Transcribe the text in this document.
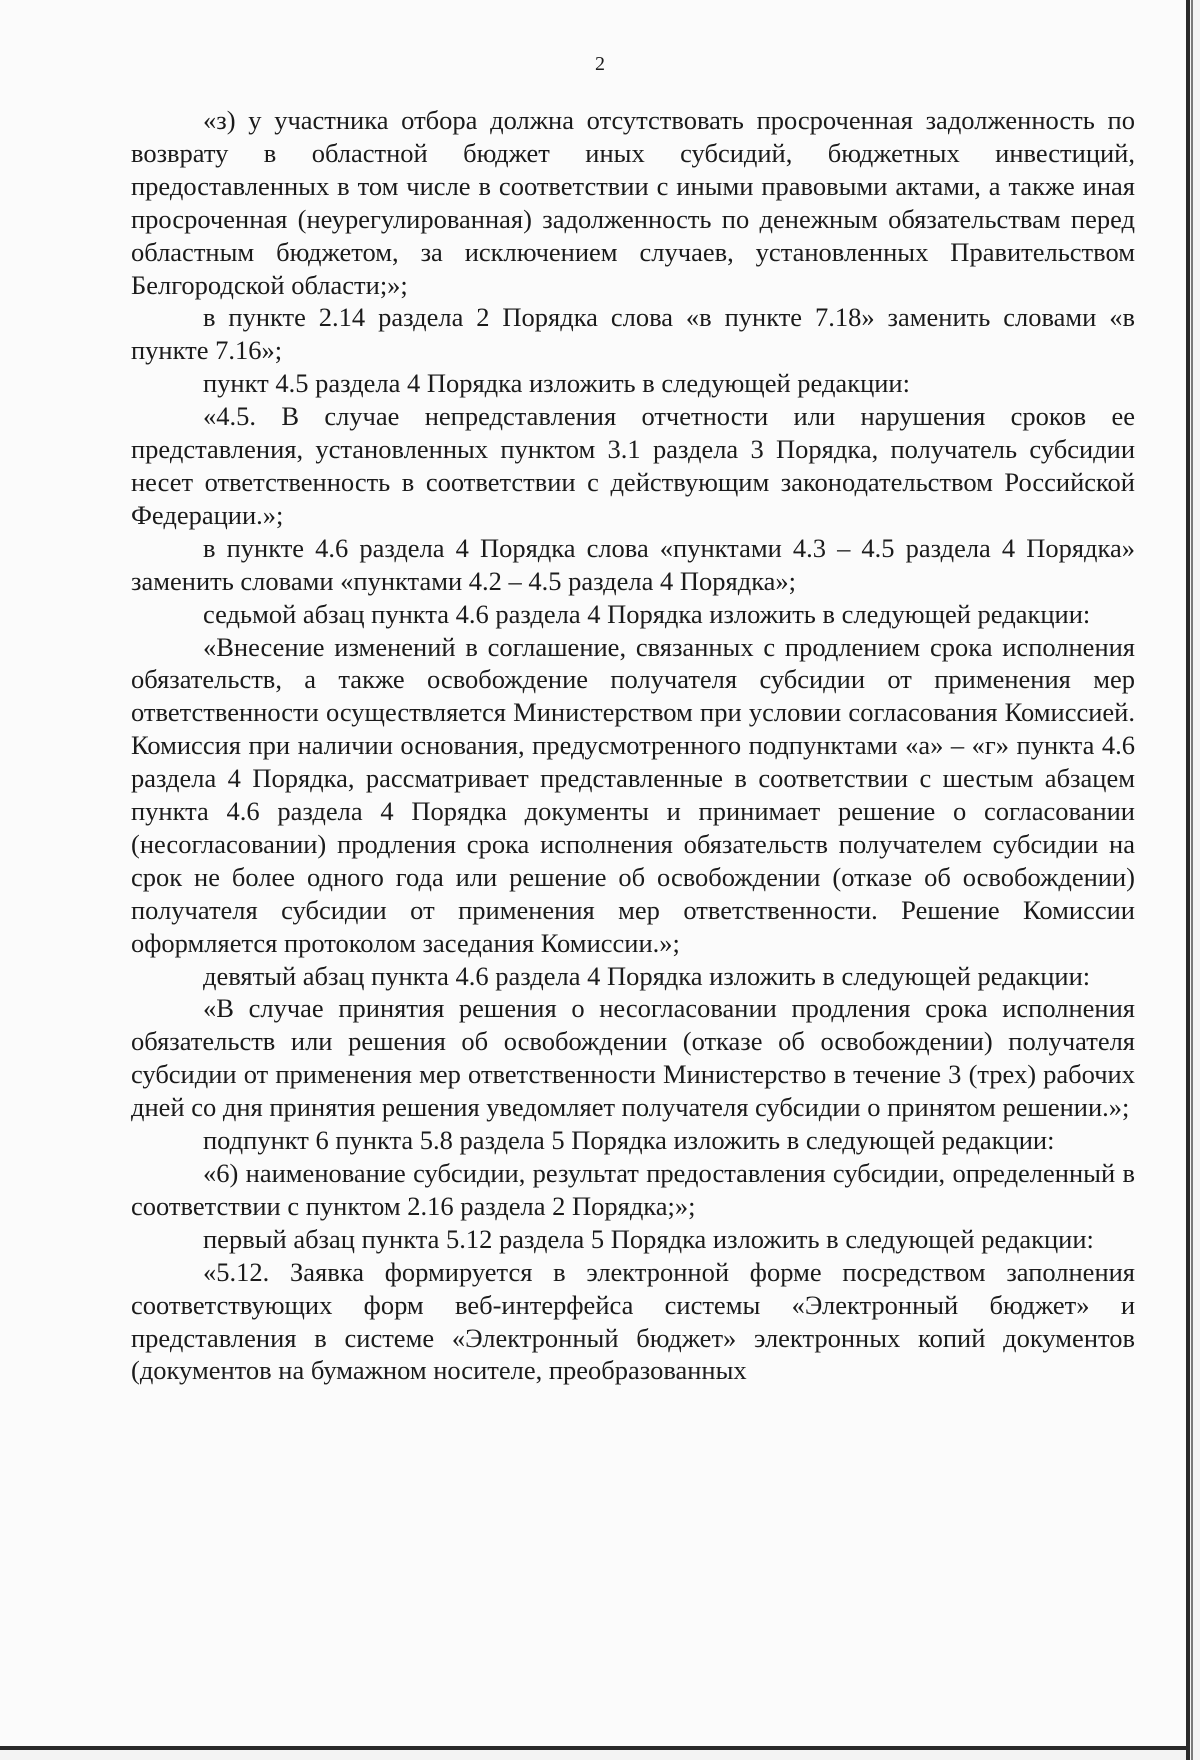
2

«з) у участника отбора должна отсутствовать просроченная задолженность по возврату в областной бюджет иных субсидий, бюджетных инвестиций, предоставленных в том числе в соответствии с иными правовыми актами, а также иная просроченная (неурегулированная) задолженность по денежным обязательствам перед областным бюджетом, за исключением случаев, установленных Правительством Белгородской области;»;

в пункте 2.14 раздела 2 Порядка слова «в пункте 7.18» заменить словами «в пункте 7.16»;

пункт 4.5 раздела 4 Порядка изложить в следующей редакции:

«4.5. В случае непредставления отчетности или нарушения сроков ее представления, установленных пунктом 3.1 раздела 3 Порядка, получатель субсидии несет ответственность в соответствии с действующим законодательством Российской Федерации.»;

в пункте 4.6 раздела 4 Порядка слова «пунктами 4.3 – 4.5 раздела 4 Порядка» заменить словами «пунктами 4.2 – 4.5 раздела 4 Порядка»;

седьмой абзац пункта 4.6 раздела 4 Порядка изложить в следующей редакции:

«Внесение изменений в соглашение, связанных с продлением срока исполнения обязательств, а также освобождение получателя субсидии от применения мер ответственности осуществляется Министерством при условии согласования Комиссией. Комиссия при наличии основания, предусмотренного подпунктами «а» – «г» пункта 4.6 раздела 4 Порядка, рассматривает представленные в соответствии с шестым абзацем пункта 4.6 раздела 4 Порядка документы и принимает решение о согласовании (несогласовании) продления срока исполнения обязательств получателем субсидии на срок не более одного года или решение об освобождении (отказе об освобождении) получателя субсидии от применения мер ответственности. Решение Комиссии оформляется протоколом заседания Комиссии.»;

девятый абзац пункта 4.6 раздела 4 Порядка изложить в следующей редакции:

«В случае принятия решения о несогласовании продления срока исполнения обязательств или решения об освобождении (отказе об освобождении) получателя субсидии от применения мер ответственности Министерство в течение 3 (трех) рабочих дней со дня принятия решения уведомляет получателя субсидии о принятом решении.»;

подпункт 6 пункта 5.8 раздела 5 Порядка изложить в следующей редакции:

«6) наименование субсидии, результат предоставления субсидии, определенный в соответствии с пунктом 2.16 раздела 2 Порядка;»;

первый абзац пункта 5.12 раздела 5 Порядка изложить в следующей редакции:

«5.12. Заявка формируется в электронной форме посредством заполнения соответствующих форм веб-интерфейса системы «Электронный бюджет» и представления в системе «Электронный бюджет» электронных копий документов (документов на бумажном носителе, преобразованных
